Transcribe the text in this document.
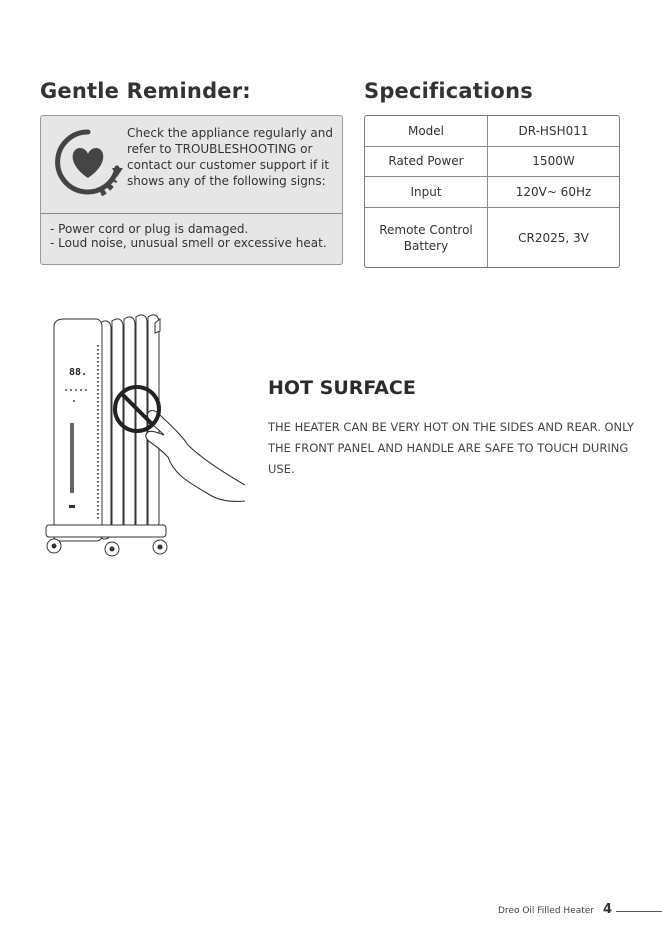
Gentle Reminder:	Specifications

Check the appliance regularly and refer to TROUBLESHOOTING or contact our customer support if it shows any of the following signs:

- Power cord or plug is damaged.
- Loud noise, unusual smell or excessive heat.
Model	DR-HSH011
Rated Power	1500W
Input	120V~ 60Hz
Remote Control Battery	CR2025, 3V
88.
HOT SURFACE

THE HEATER CAN BE VERY HOT ON THE SIDES AND REAR. ONLY THE FRONT PANEL AND HANDLE ARE SAFE TO TOUCH DURING USE.

Dreo Oil Filled Heater 4
